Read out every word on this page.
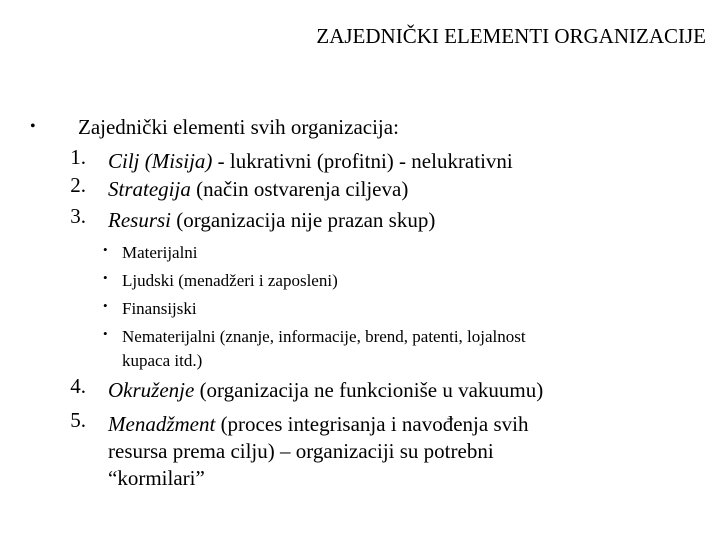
ZAJEDNIČKI ELEMENTI ORGANIZACIJE
• Zajednički elementi svih organizacija:
1. Cilj (Misija) - lukrativni (profitni) - nelukrativni
2. Strategija (način ostvarenja ciljeva)
3. Resursi (organizacija nije prazan skup)
• Materijalni
• Ljudski (menadžeri i zaposleni)
• Finansijski
• Nematerijalni (znanje, informacije, brend, patenti, lojalnost
kupaca itd.)
4. Okruženje (organizacija ne funkcioniše u vakuumu)
5. Menadžment (proces integrisanja i navođenja svih
resursa prema cilju) – organizaciji su potrebni
“kormilari”
